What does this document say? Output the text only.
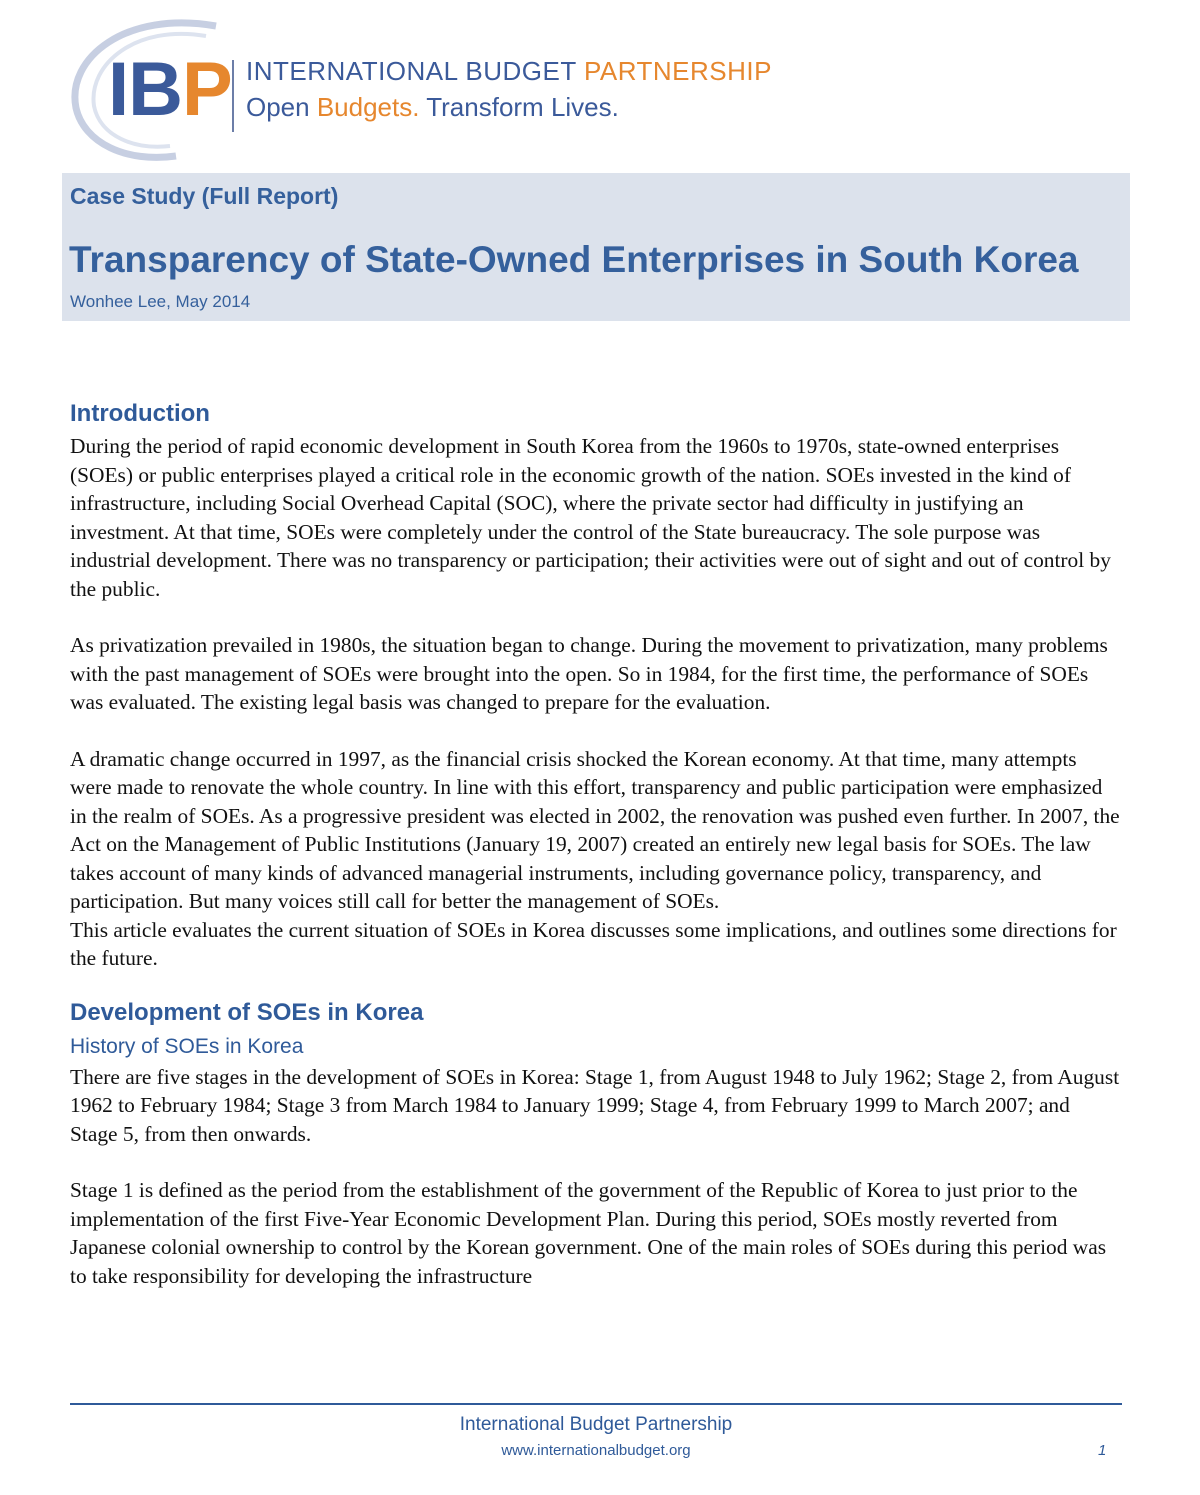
IBP INTERNATIONAL BUDGET PARTNERSHIP
Open Budgets. Transform Lives.
Case Study (Full Report)
Transparency of State-Owned Enterprises in South Korea
Wonhee Lee, May 2014
Introduction

During the period of rapid economic development in South Korea from the 1960s to 1970s, state-owned enterprises (SOEs) or public enterprises played a critical role in the economic growth of the nation. SOEs invested in the kind of infrastructure, including Social Overhead Capital (SOC), where the private sector had difficulty in justifying an investment. At that time, SOEs were completely under the control of the State bureaucracy. The sole purpose was industrial development. There was no transparency or participation; their activities were out of sight and out of control by the public.

As privatization prevailed in 1980s, the situation began to change. During the movement to privatization, many problems with the past management of SOEs were brought into the open. So in 1984, for the first time, the performance of SOEs was evaluated. The existing legal basis was changed to prepare for the evaluation.

A dramatic change occurred in 1997, as the financial crisis shocked the Korean economy. At that time, many attempts were made to renovate the whole country. In line with this effort, transparency and public participation were emphasized in the realm of SOEs. As a progressive president was elected in 2002, the renovation was pushed even further. In 2007, the Act on the Management of Public Institutions (January 19, 2007) created an entirely new legal basis for SOEs. The law takes account of many kinds of advanced managerial instruments, including governance policy, transparency, and participation. But many voices still call for better the management of SOEs.

This article evaluates the current situation of SOEs in Korea discusses some implications, and outlines some directions for the future.

Development of SOEs in Korea
History of SOEs in Korea

There are five stages in the development of SOEs in Korea: Stage 1, from August 1948 to July 1962; Stage 2, from August 1962 to February 1984; Stage 3 from March 1984 to January 1999; Stage 4, from February 1999 to March 2007; and Stage 5, from then onwards.

Stage 1 is defined as the period from the establishment of the government of the Republic of Korea to just prior to the implementation of the first Five-Year Economic Development Plan. During this period, SOEs mostly reverted from Japanese colonial ownership to control by the Korean government. One of the main roles of SOEs during this period was to take responsibility for developing the infrastructure

International Budget Partnership
www.internationalbudget.org	1
